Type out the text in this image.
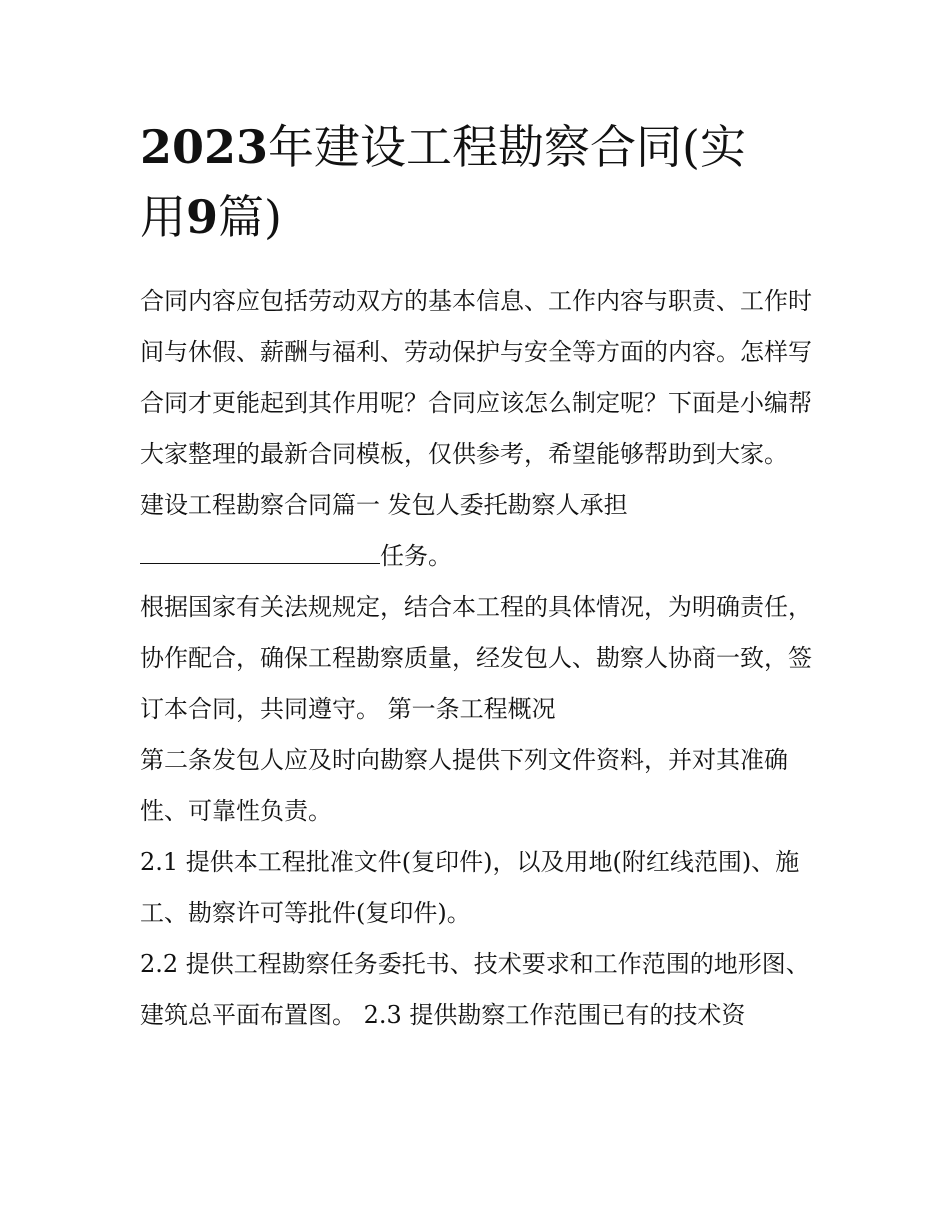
2023年建设工程勘察合同(实
用9篇)

合同内容应包括劳动双方的基本信息、工作内容与职责、工作时间与休假、薪酬与福利、劳动保护与安全等方面的内容。怎样写合同才更能起到其作用呢？合同应该怎么制定呢？下面是小编帮大家整理的最新合同模板，仅供参考，希望能够帮助到大家。

建设工程勘察合同篇一 发包人委托勘察人承担
任务。

根据国家有关法规规定，结合本工程的具体情况，为明确责任，协作配合，确保工程勘察质量，经发包人、勘察人协商一致，签订本合同，共同遵守。 第一条工程概况

第二条发包人应及时向勘察人提供下列文件资料，并对其准确性、可靠性负责。

2.1 提供本工程批准文件(复印件)，以及用地(附红线范围)、施工、勘察许可等批件(复印件)。

2.2 提供工程勘察任务委托书、技术要求和工作范围的地形图、建筑总平面布置图。 2.3 提供勘察工作范围已有的技术资
